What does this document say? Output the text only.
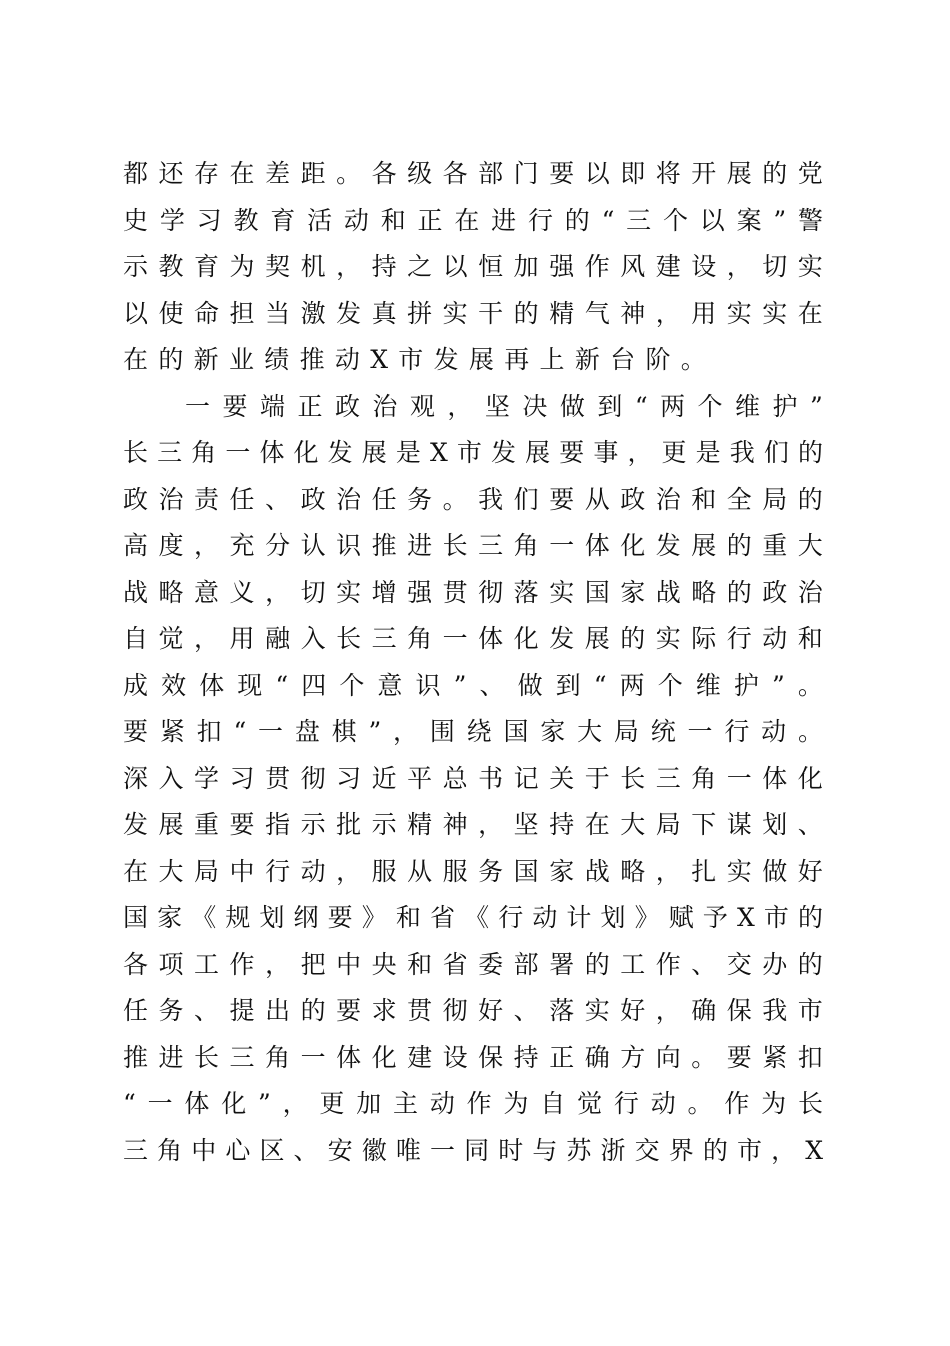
都 还 存 在 差 距 。 各 级 各 部 门 要 以 即 将 开 展 的 党
史 学 习 教 育 活 动 和 正 在 进 行 的 “ 三 个 以 案 ” 警
示 教 育 为 契 机 ， 持 之 以 恒 加 强 作 风 建 设 ， 切 实
以 使 命 担 当 激 发 真 拼 实 干 的 精 气 神 ， 用 实 实 在
在 的 新 业 绩 推 动 X 市 发 展 再 上 新 台 阶 。
一 要 端 正 政 治 观 ， 坚 决 做 到 “ 两 个 维 护 ”
长 三 角 一 体 化 发 展 是 X 市 发 展 要 事 ， 更 是 我 们 的
政 治 责 任 、 政 治 任 务 。 我 们 要 从 政 治 和 全 局 的
高 度 ， 充 分 认 识 推 进 长 三 角 一 体 化 发 展 的 重 大
战 略 意 义 ， 切 实 增 强 贯 彻 落 实 国 家 战 略 的 政 治
自 觉 ， 用 融 入 长 三 角 一 体 化 发 展 的 实 际 行 动 和
成 效 体 现 “ 四 个 意 识 ” 、 做 到 “ 两 个 维 护 ” 。
要 紧 扣 “ 一 盘 棋 ” ， 围 绕 国 家 大 局 统 一 行 动 。
深 入 学 习 贯 彻 习 近 平 总 书 记 关 于 长 三 角 一 体 化
发 展 重 要 指 示 批 示 精 神 ， 坚 持 在 大 局 下 谋 划 、
在 大 局 中 行 动 ， 服 从 服 务 国 家 战 略 ， 扎 实 做 好
国 家 《 规 划 纲 要 》 和 省 《 行 动 计 划 》 赋 予 X 市 的
各 项 工 作 ， 把 中 央 和 省 委 部 署 的 工 作 、 交 办 的
任 务 、 提 出 的 要 求 贯 彻 好 、 落 实 好 ， 确 保 我 市
推 进 长 三 角 一 体 化 建 设 保 持 正 确 方 向 。 要 紧 扣
“ 一 体 化 ” ， 更 加 主 动 作 为 自 觉 行 动 。 作 为 长
三 角 中 心 区 、 安 徽 唯 一 同 时 与 苏 浙 交 界 的 市 ， X
